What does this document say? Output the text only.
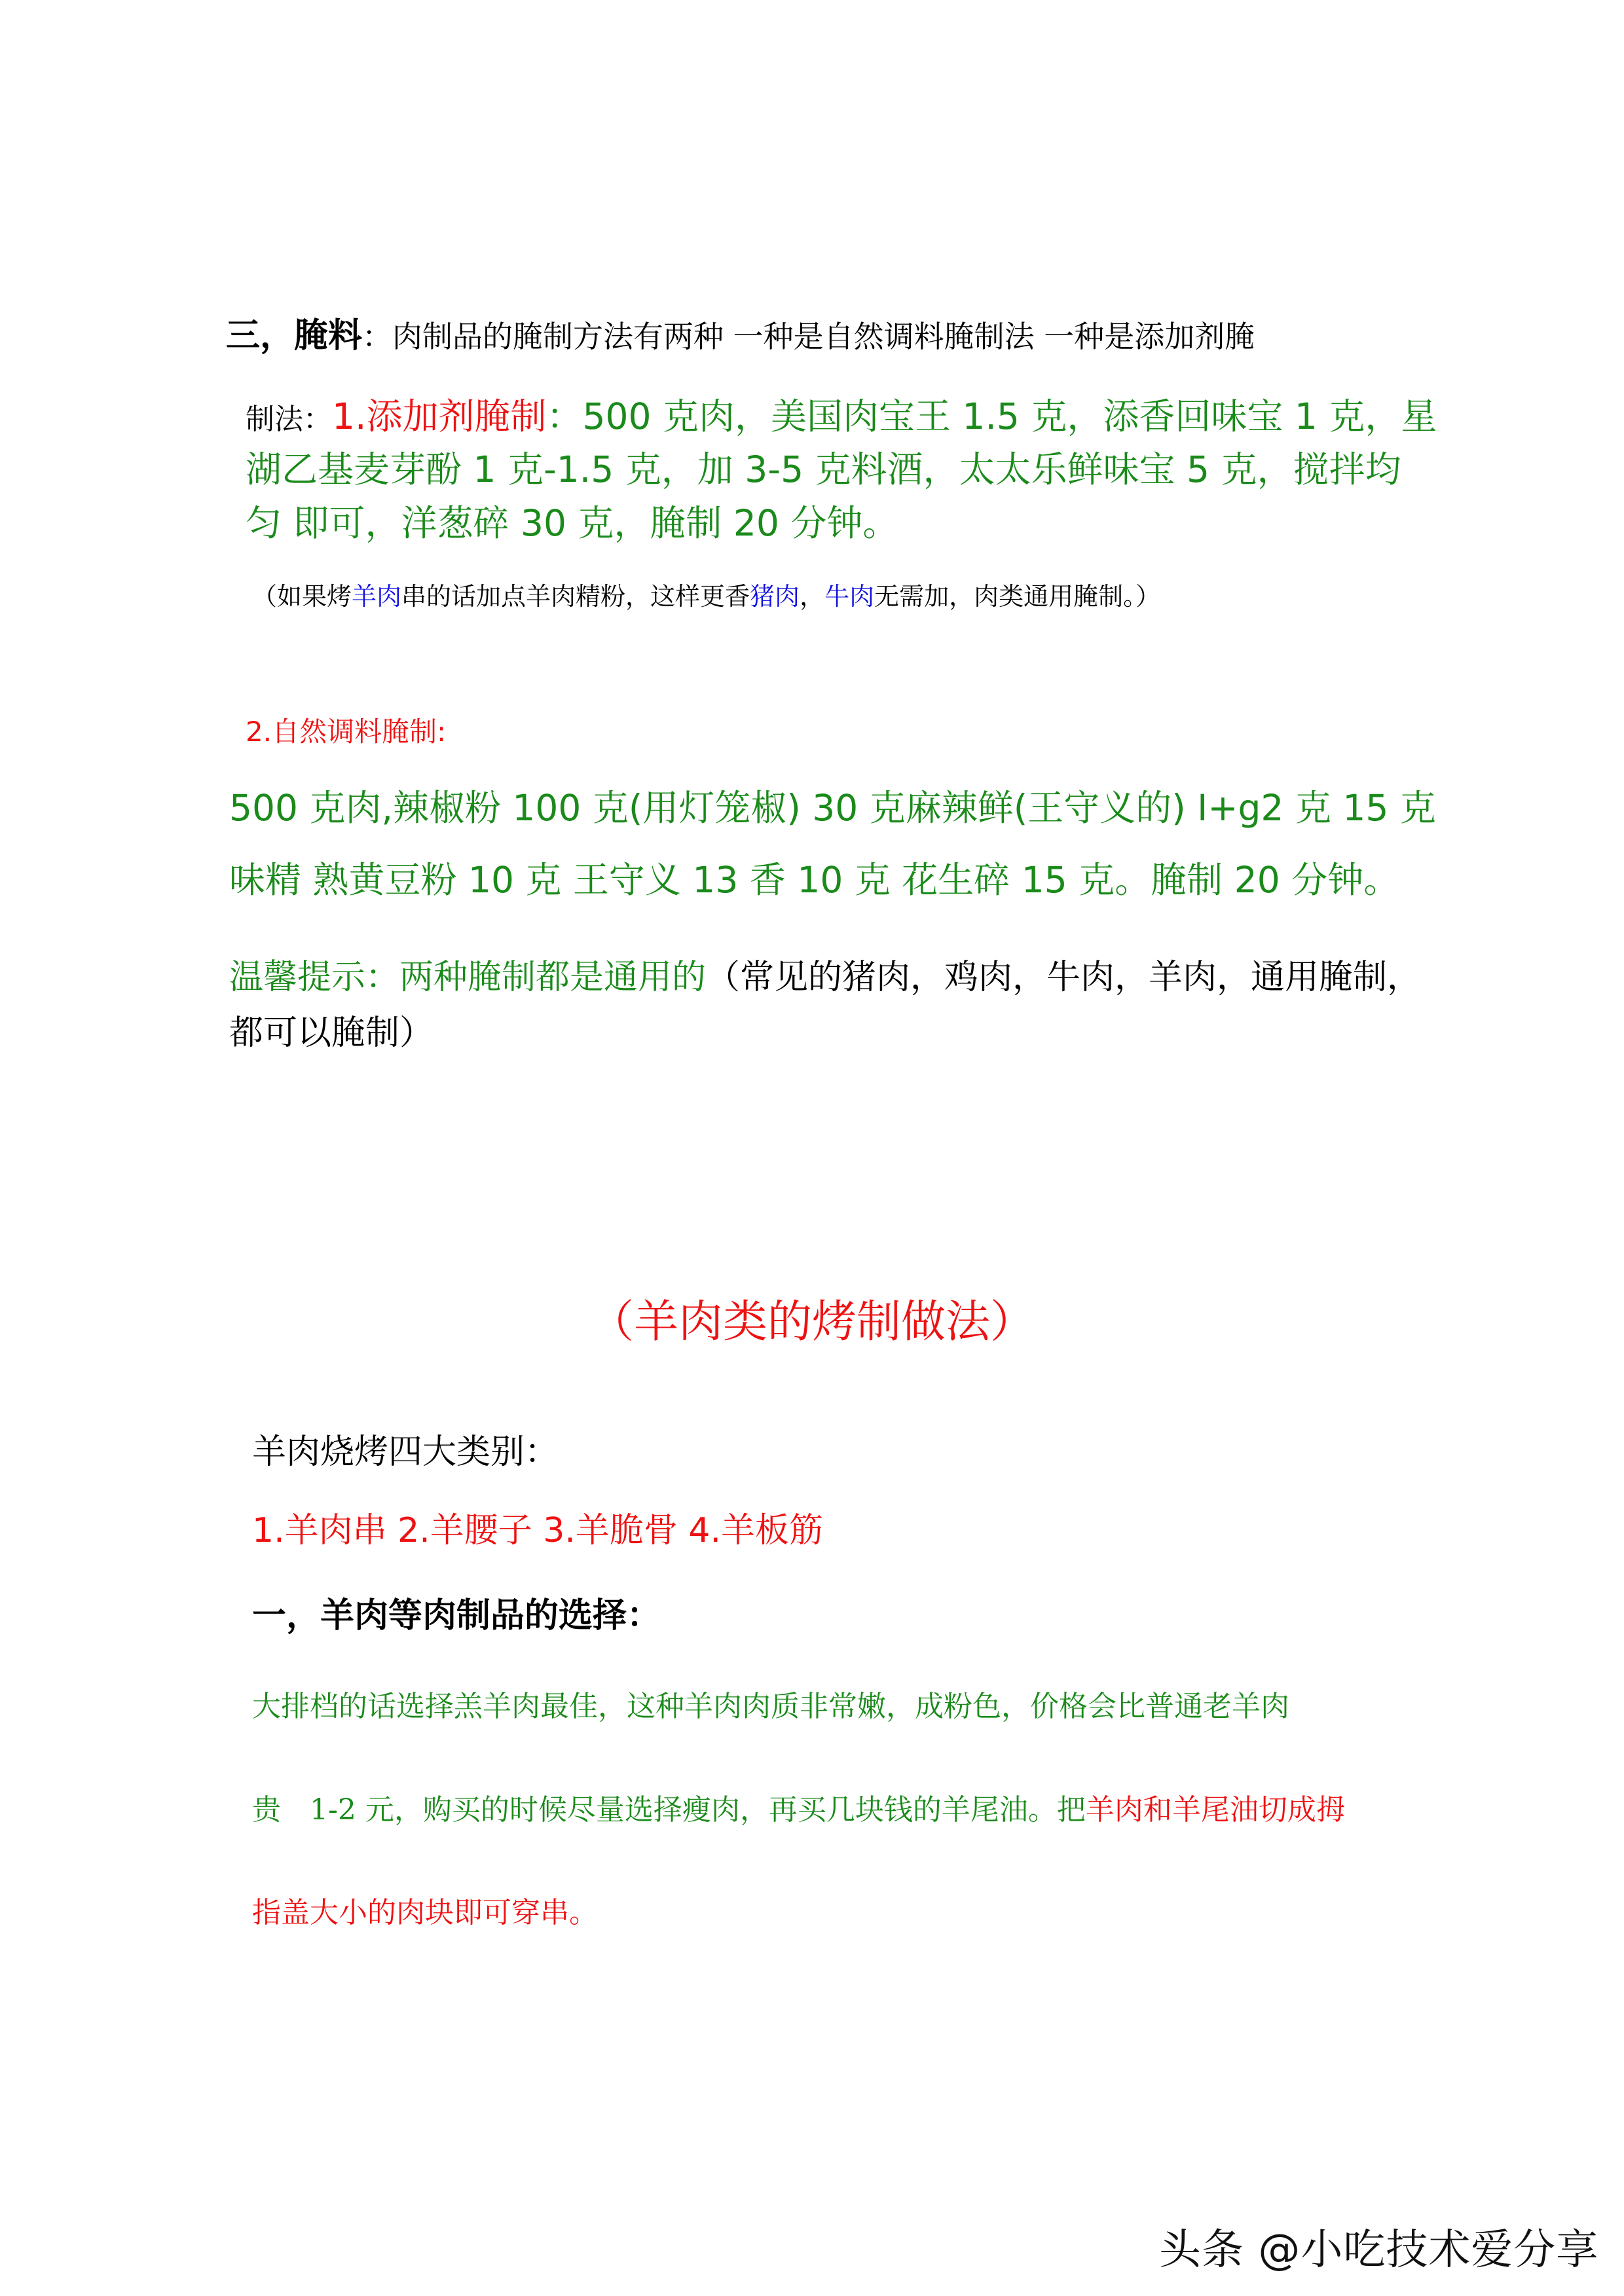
三，腌料：肉制品的腌制方法有两种 一种是自然调料腌制法 一种是添加剂腌
制法：1.添加剂腌制：500 克肉，美国肉宝王 1.5 克，添香回味宝 1 克，星
湖乙基麦芽酚 1 克-1.5 克，加 3-5 克料酒，太太乐鲜味宝 5 克，搅拌均
匀 即可，洋葱碎 30 克，腌制 20 分钟。
（如果烤羊肉串的话加点羊肉精粉，这样更香猪肉，牛肉无需加，肉类通用腌制。）
2.自然调料腌制:
500 克肉,辣椒粉 100 克(用灯笼椒) 30 克麻辣鲜(王守义的) I+g2 克 15 克
味精 熟黄豆粉 10 克 王守义 13 香 10 克 花生碎 15 克。腌制 20 分钟。
温馨提示：两种腌制都是通用的（常见的猪肉，鸡肉，牛肉，羊肉，通用腌制，
都可以腌制）
（羊肉类的烤制做法）
羊肉烧烤四大类别：
1.羊肉串 2.羊腰子 3.羊脆骨 4.羊板筋
一，羊肉等肉制品的选择：
大排档的话选择羔羊肉最佳，这种羊肉肉质非常嫩，成粉色，价格会比普通老羊肉
贵　1-2 元，购买的时候尽量选择瘦肉，再买几块钱的羊尾油。把羊肉和羊尾油切成拇
指盖大小的肉块即可穿串。
头条 @小吃技术爱分享
